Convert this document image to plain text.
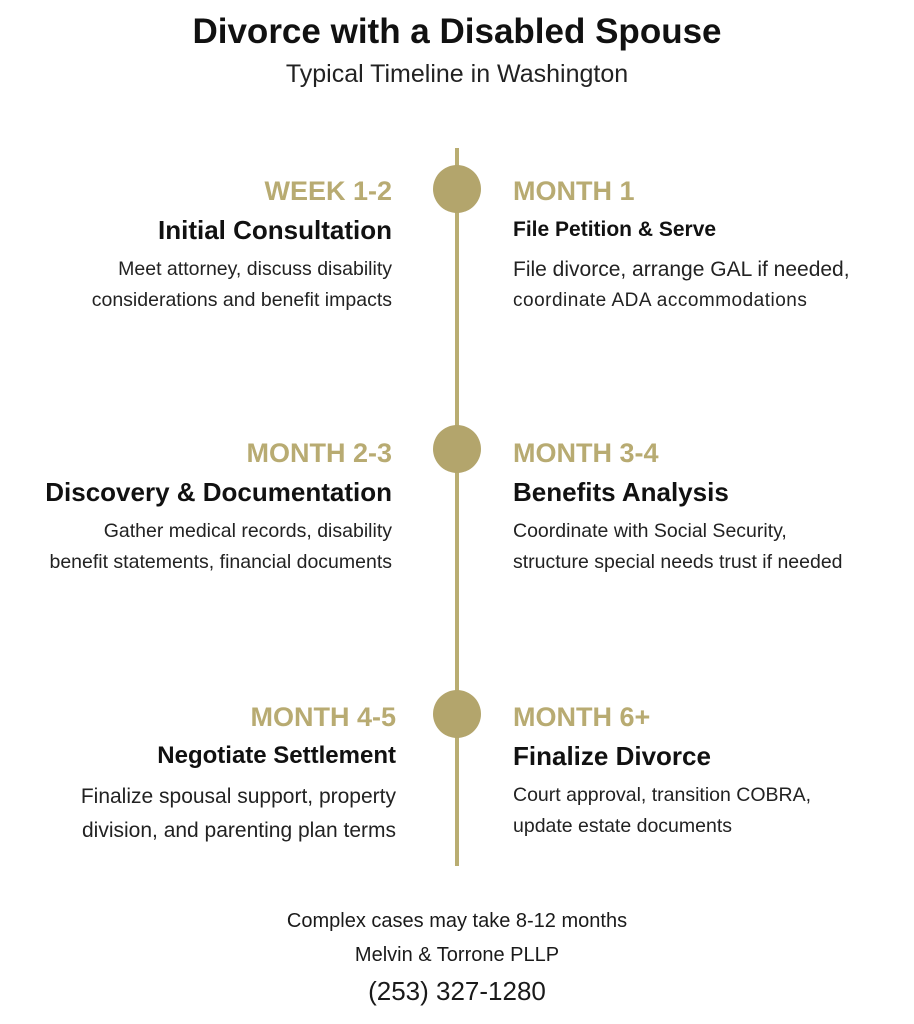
Divorce with a Disabled Spouse
Typical Timeline in Washington
WEEK 1-2
Initial Consultation
Meet attorney, discuss disability
considerations and benefit impacts
MONTH 1
File Petition & Serve
File divorce, arrange GAL if needed,
coordinate ADA accommodations
MONTH 2-3
Discovery & Documentation
Gather medical records, disability
benefit statements, financial documents
MONTH 3-4
Benefits Analysis
Coordinate with Social Security,
structure special needs trust if needed
MONTH 4-5
Negotiate Settlement
Finalize spousal support, property
division, and parenting plan terms
MONTH 6+
Finalize Divorce
Court approval, transition COBRA,
update estate documents
Complex cases may take 8-12 months
Melvin & Torrone PLLP
(253) 327-1280
